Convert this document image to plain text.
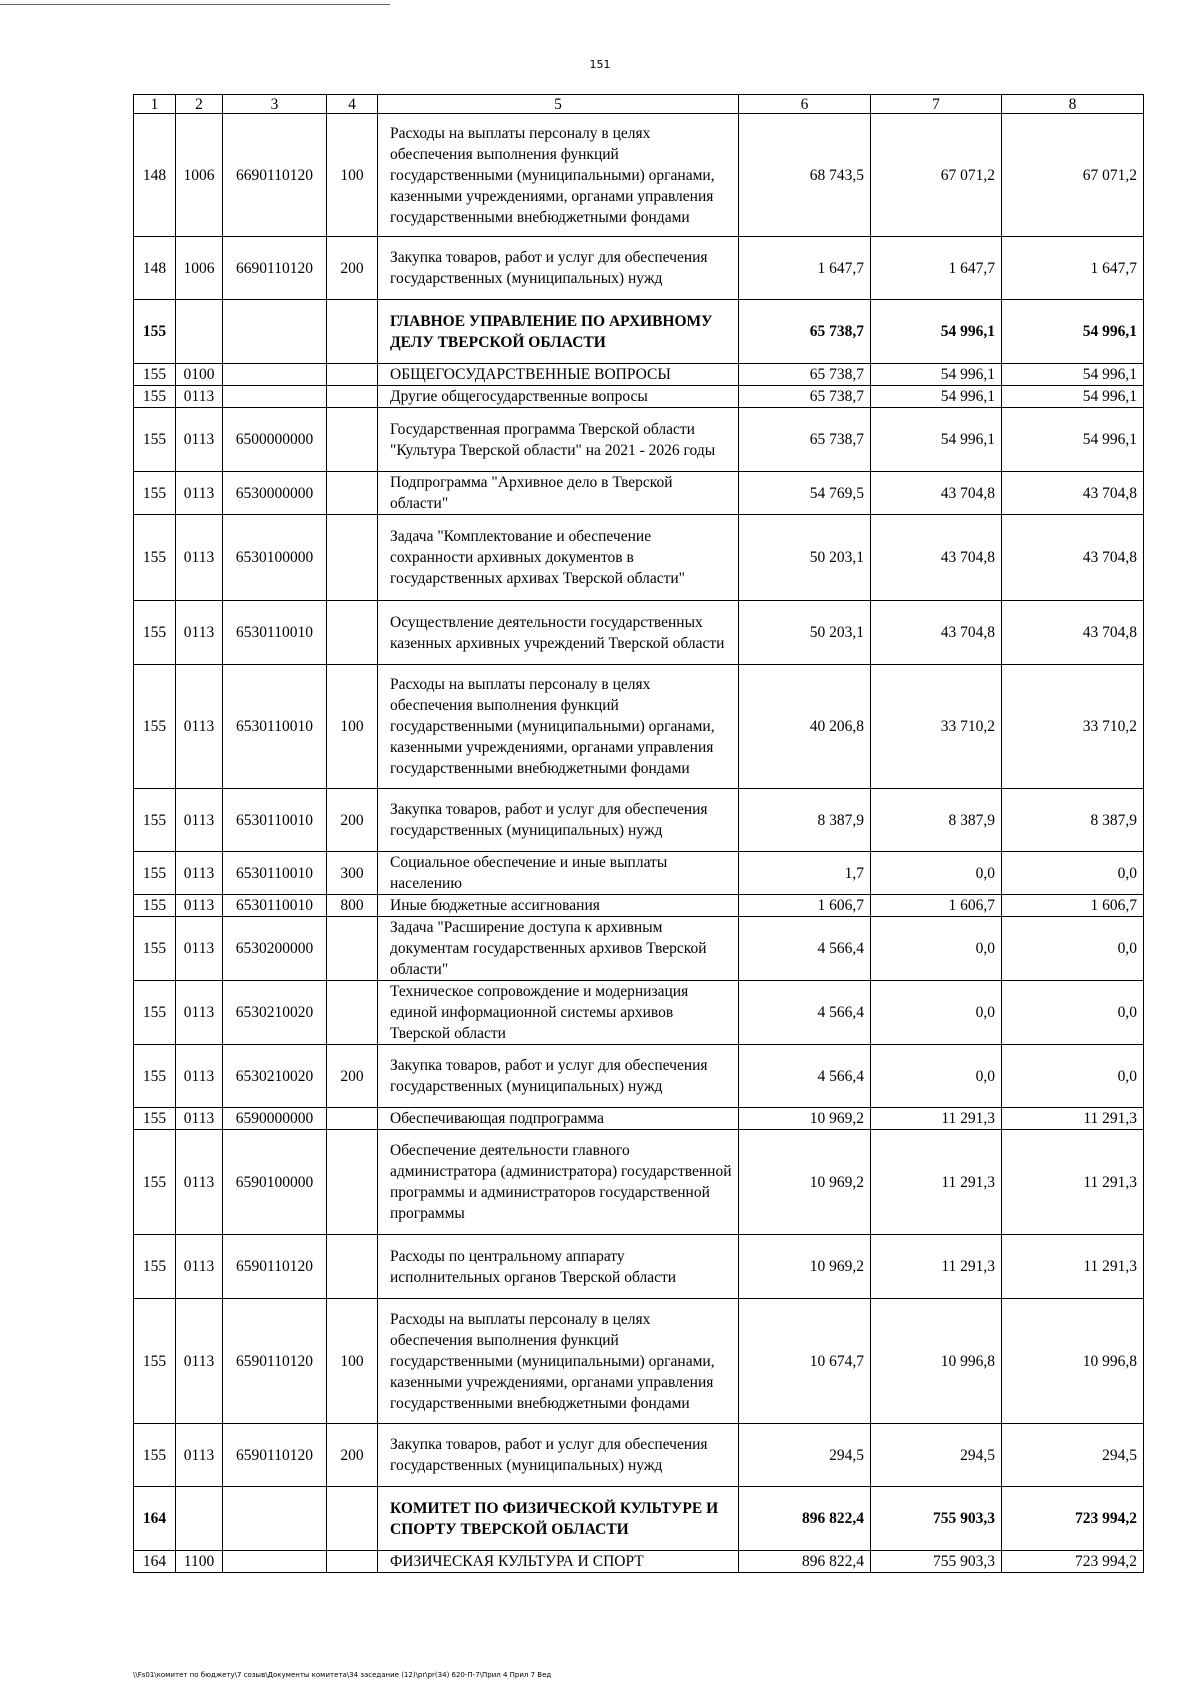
151
1	2	3	4	5	6	7	8
148	1006	6690110120	100	Расходы на выплаты персоналу в целях обеспечения выполнения функций государственными (муниципальными) органами, казенными учреждениями, органами управления государственными внебюджетными фондами	68 743,5	67 071,2	67 071,2
148	1006	6690110120	200	Закупка товаров, работ и услуг для обеспечения государственных (муниципальных) нужд	1 647,7	1 647,7	1 647,7
155				ГЛАВНОЕ УПРАВЛЕНИЕ ПО АРХИВНОМУ ДЕЛУ ТВЕРСКОЙ ОБЛАСТИ	65 738,7	54 996,1	54 996,1
155	0100			ОБЩЕГОСУДАРСТВЕННЫЕ ВОПРОСЫ	65 738,7	54 996,1	54 996,1
155	0113			Другие общегосударственные вопросы	65 738,7	54 996,1	54 996,1
155	0113	6500000000		Государственная программа Тверской области "Культура Тверской области" на 2021 - 2026 годы	65 738,7	54 996,1	54 996,1
155	0113	6530000000		Подпрограмма "Архивное дело в Тверской области"	54 769,5	43 704,8	43 704,8
155	0113	6530100000		Задача "Комплектование и обеспечение сохранности архивных документов в государственных архивах Тверской области"	50 203,1	43 704,8	43 704,8
155	0113	6530110010		Осуществление деятельности государственных казенных архивных учреждений Тверской области	50 203,1	43 704,8	43 704,8
155	0113	6530110010	100	Расходы на выплаты персоналу в целях обеспечения выполнения функций государственными (муниципальными) органами, казенными учреждениями, органами управления государственными внебюджетными фондами	40 206,8	33 710,2	33 710,2
155	0113	6530110010	200	Закупка товаров, работ и услуг для обеспечения государственных (муниципальных) нужд	8 387,9	8 387,9	8 387,9
155	0113	6530110010	300	Социальное обеспечение и иные выплаты населению	1,7	0,0	0,0
155	0113	6530110010	800	Иные бюджетные ассигнования	1 606,7	1 606,7	1 606,7
155	0113	6530200000		Задача "Расширение доступа к архивным документам государственных архивов Тверской области"	4 566,4	0,0	0,0
155	0113	6530210020		Техническое сопровождение и модернизация единой информационной системы архивов Тверской области	4 566,4	0,0	0,0
155	0113	6530210020	200	Закупка товаров, работ и услуг для обеспечения государственных (муниципальных) нужд	4 566,4	0,0	0,0
155	0113	6590000000		Обеспечивающая подпрограмма	10 969,2	11 291,3	11 291,3
155	0113	6590100000		Обеспечение деятельности главного администратора (администратора) государственной программы и администраторов государственной программы	10 969,2	11 291,3	11 291,3
155	0113	6590110120		Расходы по центральному аппарату исполнительных органов Тверской области	10 969,2	11 291,3	11 291,3
155	0113	6590110120	100	Расходы на выплаты персоналу в целях обеспечения выполнения функций государственными (муниципальными) органами, казенными учреждениями, органами управления государственными внебюджетными фондами	10 674,7	10 996,8	10 996,8
155	0113	6590110120	200	Закупка товаров, работ и услуг для обеспечения государственных (муниципальных) нужд	294,5	294,5	294,5
164				КОМИТЕТ ПО ФИЗИЧЕСКОЙ КУЛЬТУРЕ И СПОРТУ ТВЕРСКОЙ ОБЛАСТИ	896 822,4	755 903,3	723 994,2
164	1100			ФИЗИЧЕСКАЯ КУЛЬТУРА И СПОРТ	896 822,4	755 903,3	723 994,2
\\Fs01\комитет по бюджету\7 созыв\Документы комитета\34 заседание (12)\pr\pr(34) 620-П-7\Прил 4 Прил 7 Вед
